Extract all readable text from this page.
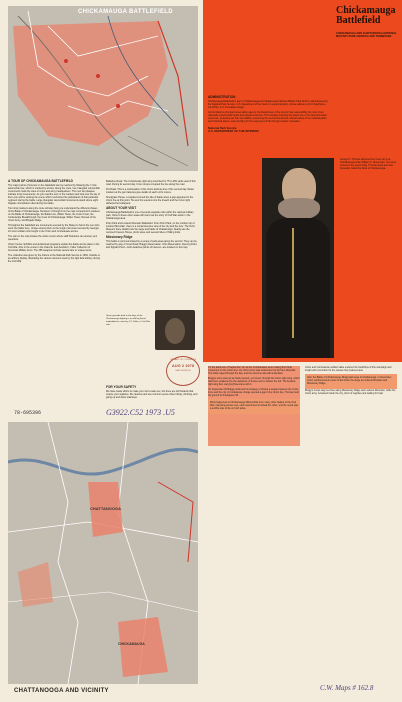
CHICKAMAUGA BATTLEFIELD
A TOUR OF CHICKAMAUGA BATTLEFIELD

The major points of interest on the battlefield can be reached by following the 7-mile automobile tour, which is marked by arrows. Along the route, low, triangular cannonball monuments mark the sites of corps and army headquarters. The next two plaques indicate troop movements. As you read the text on the markers and look over the lay of them you will be viewing the scene which confronted the participants of that particular regiment during the battle. Large triangular cannonball monuments stand where eight brigade commanders died during the battle.

Tour shop markers along the route will also help you understand the different phases of the Battle of Chickamauga. Numbers 1 through 8 on the map correspond to markers on the Battle of Chickamauga, the Battle Line, Wilder Tower, the Union Crest, the Confederate Breakthrough, the Crest of Chickamauga, Wilder Tower, Retreat of the Union Army, and Brigade Ridge.

Throughout the battlefield are monuments erected by the States to honor the men who went into battle here. Unique among them is the single monument erected by Georgia to honor soldiers who fought in the Union and Confederate armies.

The star on the map locates the visitor center where staff historians can answer your questions.

Visitor Center. Exhibits and audiovisual programs explain the battle and its place in the Civil War. Also in the center is the Claud E. and Zerelda C. Fuller Collection of American Military Arms. The 355 weapons include several rare or unique items.

The collection was given by the Fullers to the National Park Service in 1954. Outside is an artillery display, illustrating the various cannons used by the light field artillery during the Civil War.

Battleline Road. The Confederate right wing stretched for 75 to 250 yards east of this road. During its second day, Union troops occupied the line along the road.

Pot Road. This is a continuation of the Union defense line of the second day. Metal markers at the gun batteries give details of each unit's moves.

Snodgrass House. Longstreet turned the tide of battle when a gap appeared in the Union line at this point. He sent his veterans into the breach and the Union right deflected fell collapsed.

ABOUT YOUR VISIT

Chickamauga Battlefield is one of several separate units within the national military park. Visits to these other areas will round out the story of Civil War action in the Chattanooga area.

Point Park and Lookout Mountain Battlefield. From Point Park, on the northern tip of Lookout Mountain, there is a comprehensive view of the city and the river. The Ochs Museum there details how the siege and battle of Chattanooga. Nearby are the restored Cravens House, picnic area, and several miles of hiking trails.

Missionary Ridge

This battle is commemorated by a series of park areas along the summit. They can be reached by way of Crest Road. Bragg's Reservation, Ohio Reservation, DeLong Point, and Sigwart Point—both detached points of interest—are located on the map.

Union grenade fired in the days of the Chickamauga fighting in an old log found embedded in a tree by J. F. Fuller, a Civil War relic.
LIBRARY OF CONGRESS
AUG 2 1978
MAP DIVISION
FOR YOUR SAFETY

We have made efforts to make your visit a safe one, but there are still hazards that require your vigilance. Be cautious and use common sense when hiking, climbing, and going up and down stairways.

78-695396	G3922.C52 1973 .U5
CHATTANOOGA
CHICKAMAUGA
CHATTANOOGA AND VICINITY
Chickamauga
Battlefield
CHICKAMAUGA AND CHATTANOOGA NATIONAL MILITARY PARK GEORGIA AND TENNESSEE
ADMINISTRATION

Chickamauga Battlefield is part of Chickamauga and Chattanooga National Military Park which is administered by the National Park Service, U.S. Department of the Interior. A superintendent, whose address is Fort Oglethorpe, GA 30742, is in immediate charge.

As the Nation's principal conservation agency, the Department of the Interior has responsibility for most of our nationally owned public lands and natural resources. This includes fostering the wisest use of our land and water resources, protecting our fish and wildlife, preserving the environmental and cultural values of our national parks and historical places, and providing for the enjoyment of life through outdoor recreation.

National Park Service

U.S. DEPARTMENT OF THE INTERIOR

George H. Thomas delivered the Union army at Chickamauga when William S. Rosecrans' men were routed on the second day. Thomas stood and was thereafter called the Rock of Chickamauga.

On the afternoon of September 19, as the Confederates were making their final movement on the Union line, the Union army was routed and not far from Rossville. The battle raged through the day, and the outcome was still undecided.

Bragg's army was just as hard pressed, yet forced, through the Union right wing, which had been weakened by the departure of troops sent to bolster the left. The Federal right wing fled, carrying Rosecrans with it.

On September 20 Bragg continued his strategy of driving a wedge between the Union force and the city. A Confederate charge opened a gap in the Union line. Thomas held his ground at Snodgrass Hill.

What happened at Chickamauga differed little from many other battles of the Civil War. Opposing armies met, each determined to defeat the other, and the result was a terrible loss of life on both sides.

Union and Confederate soldiers alike endured the hardships of this campaign and fought with conviction for the causes they believed just.

After the Battle of Chickamauga, Bragg laid siege to Chattanooga. In November, Union reinforcements under Grant broke the siege at Lookout Mountain and Missionary Ridge.

Bragg's troops dug trenches along Missionary Ridge and Lookout Mountain, while the Union army remained inside the city, short of supplies and waiting for help.

C.W. Maps # 162.8
